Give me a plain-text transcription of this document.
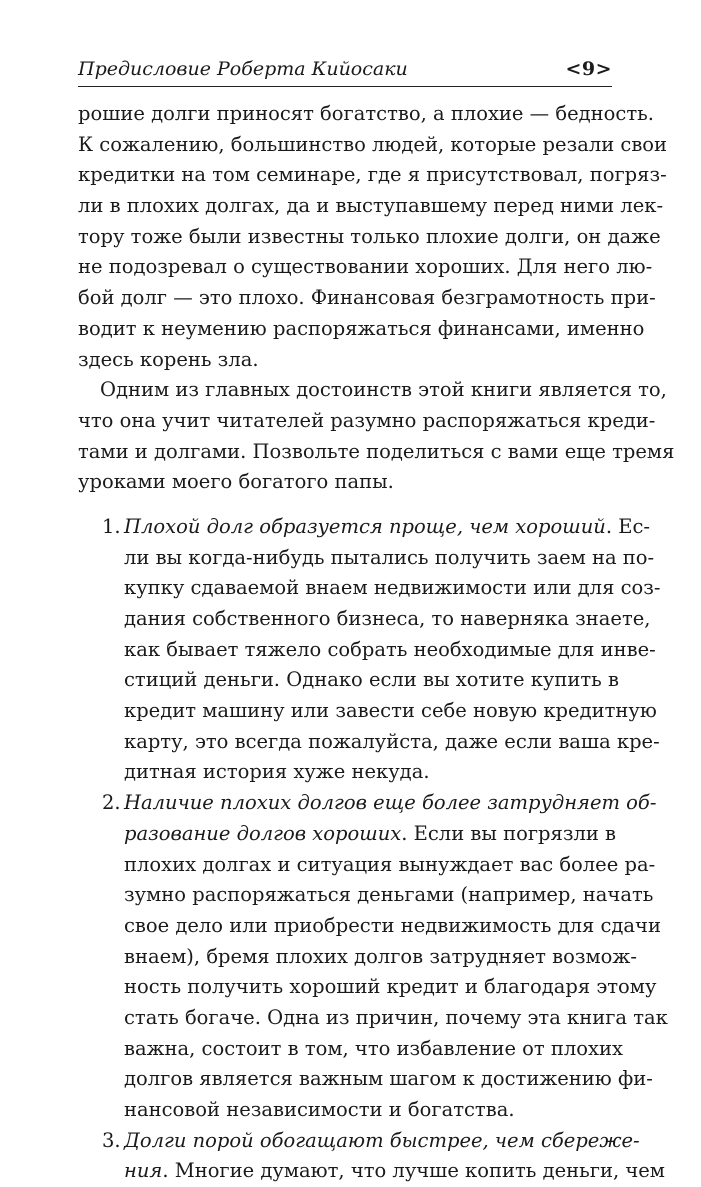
Предисловие Роберта Кийосаки	<9>
рошие долги приносят богатство, а плохие — бедность.
К сожалению, большинство людей, которые резали свои
кредитки на том семинаре, где я присутствовал, погряз-
ли в плохих долгах, да и выступавшему перед ними лек-
тору тоже были известны только плохие долги, он даже
не подозревал о существовании хороших. Для него лю-
бой долг — это плохо. Финансовая безграмотность при-
водит к неумению распоряжаться финансами, именно
здесь корень зла.
Одним из главных достоинств этой книги является то,
что она учит читателей разумно распоряжаться креди-
тами и долгами. Позвольте поделиться с вами еще тремя
уроками моего богатого папы.
1. Плохой долг образуется проще, чем хороший. Ес-
ли вы когда-нибудь пытались получить заем на по-
купку сдаваемой внаем недвижимости или для соз-
дания собственного бизнеса, то наверняка знаете,
как бывает тяжело собрать необходимые для инве-
стиций деньги. Однако если вы хотите купить в
кредит машину или завести себе новую кредитную
карту, это всегда пожалуйста, даже если ваша кре-
дитная история хуже некуда.
2. Наличие плохих долгов еще более затрудняет об-
разование долгов хороших. Если вы погрязли в
плохих долгах и ситуация вынуждает вас более ра-
зумно распоряжаться деньгами (например, начать
свое дело или приобрести недвижимость для сдачи
внаем), бремя плохих долгов затрудняет возмож-
ность получить хороший кредит и благодаря этому
стать богаче. Одна из причин, почему эта книга так
важна, состоит в том, что избавление от плохих
долгов является важным шагом к достижению фи-
нансовой независимости и богатства.
3. Долги порой обогащают быстрее, чем сбереже-
ния. Многие думают, что лучше копить деньги, чем
